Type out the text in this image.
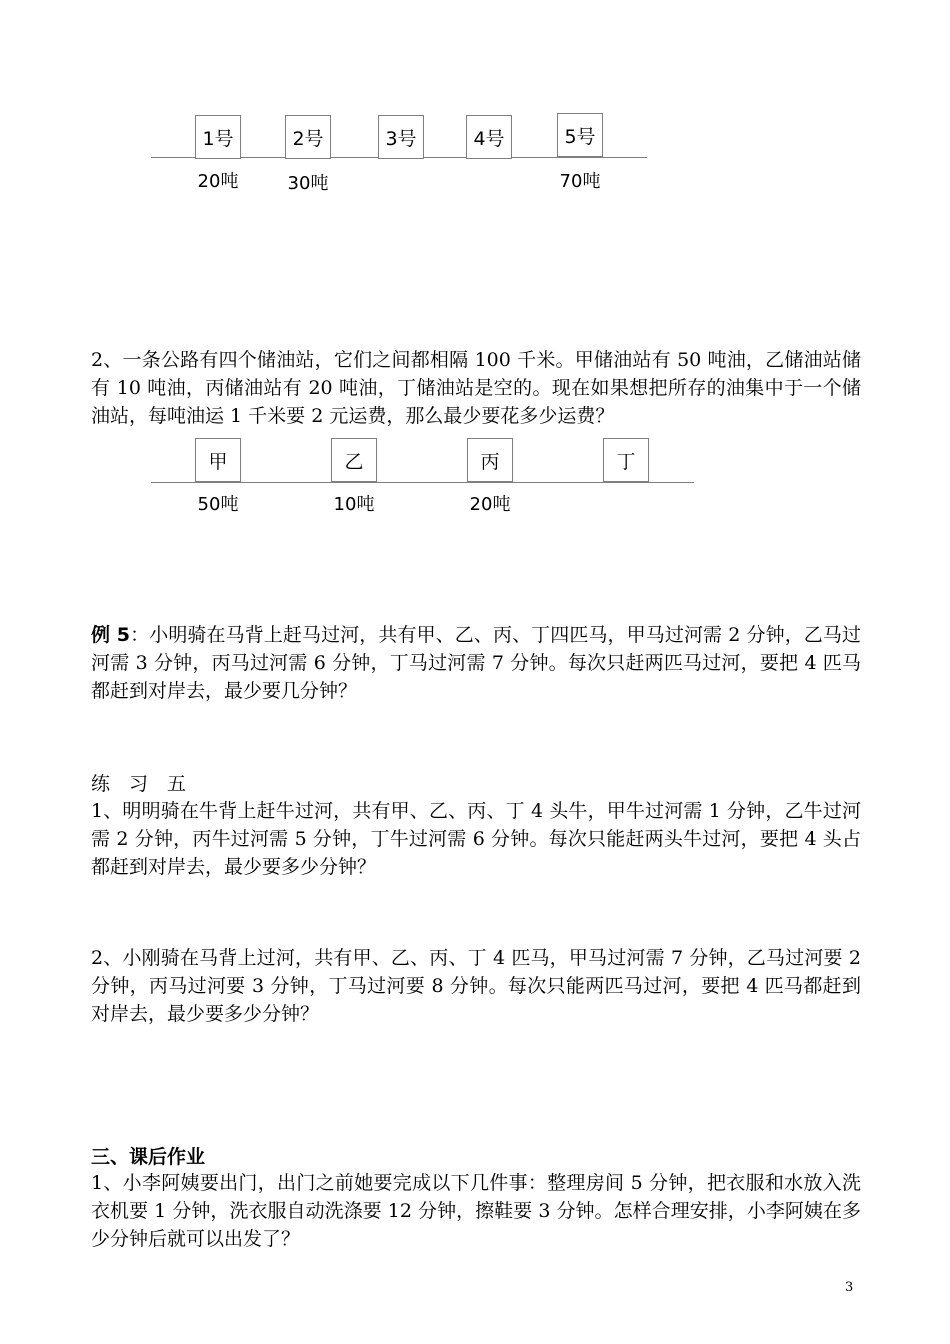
1号	2号	3号	4号	5号
20吨	30吨	70吨
2、一条公路有四个储油站，它们之间都相隔 100 千米。甲储油站有 50 吨油，乙储油站储有 10 吨油，丙储油站有 20 吨油，丁储油站是空的。现在如果想把所存的油集中于一个储油站，每吨油运 1 千米要 2 元运费，那么最少要花多少运费？
甲	乙	丙	丁
50吨	10吨	20吨
例 5：小明骑在马背上赶马过河，共有甲、乙、丙、丁四匹马，甲马过河需 2 分钟，乙马过河需 3 分钟，丙马过河需 6 分钟，丁马过河需 7 分钟。每次只赶两匹马过河，要把 4 匹马都赶到对岸去，最少要几分钟？
练　习　五
1、明明骑在牛背上赶牛过河，共有甲、乙、丙、丁 4 头牛，甲牛过河需 1 分钟，乙牛过河需 2 分钟，丙牛过河需 5 分钟，丁牛过河需 6 分钟。每次只能赶两头牛过河，要把 4 头占都赶到对岸去，最少要多少分钟？
2、小刚骑在马背上过河，共有甲、乙、丙、丁 4 匹马，甲马过河需 7 分钟，乙马过河要 2 分钟，丙马过河要 3 分钟，丁马过河要 8 分钟。每次只能两匹马过河，要把 4 匹马都赶到对岸去，最少要多少分钟？
三、课后作业
1、小李阿姨要出门，出门之前她要完成以下几件事：整理房间 5 分钟，把衣服和水放入洗衣机要 1 分钟，洗衣服自动洗涤要 12 分钟，擦鞋要 3 分钟。怎样合理安排，小李阿姨在多少分钟后就可以出发了？
3
